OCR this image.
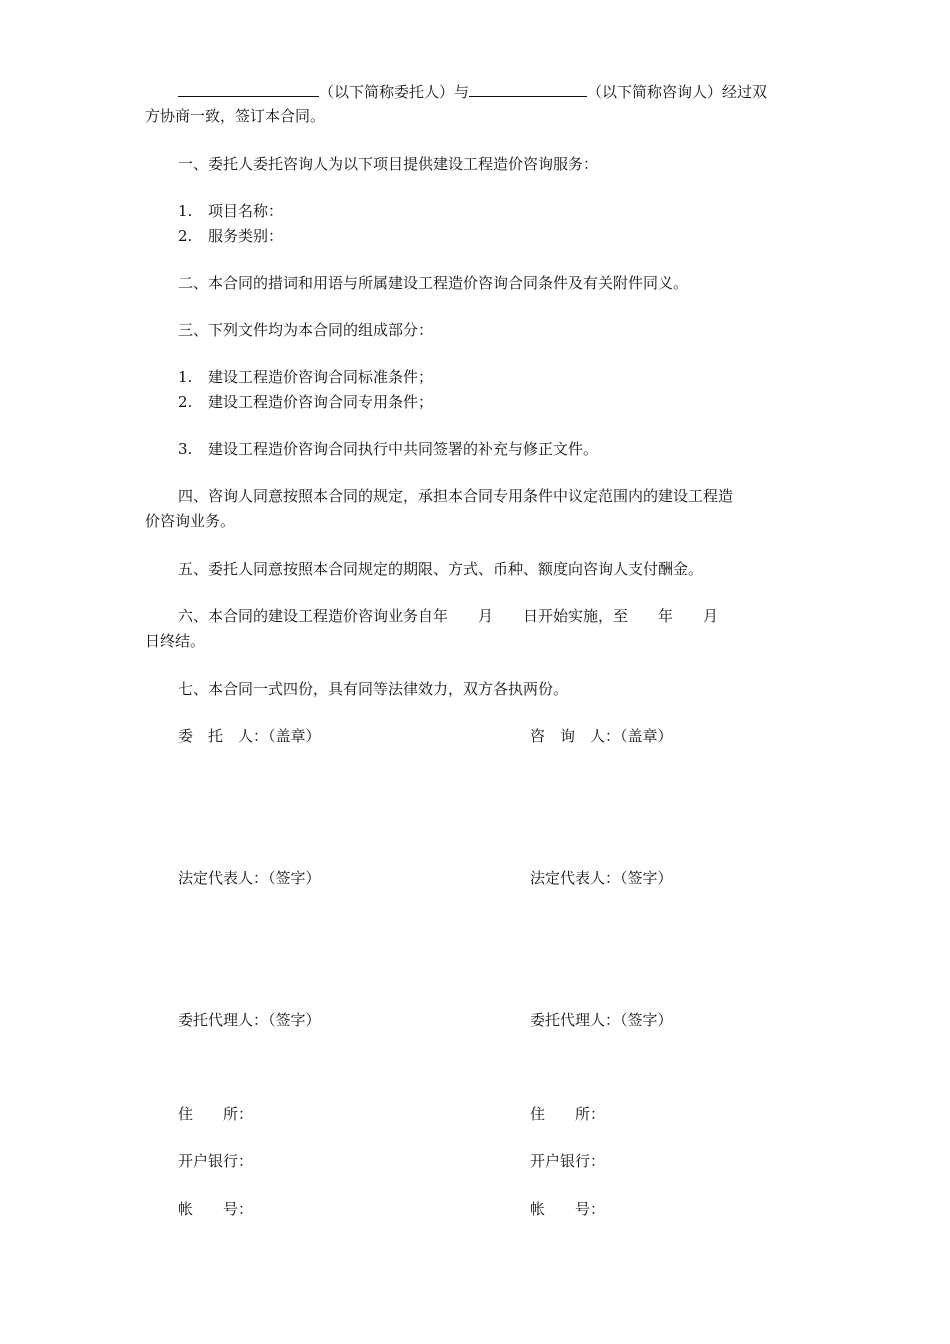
（以下简称委托人）与	（以下简称咨询人）经过双
方协商一致，签订本合同。
一、委托人委托咨询人为以下项目提供建设工程造价咨询服务：
1. 项目名称：
2. 服务类别：
二、本合同的措词和用语与所属建设工程造价咨询合同条件及有关附件同义。
三、下列文件均为本合同的组成部分：
1. 建设工程造价咨询合同标准条件；
2. 建设工程造价咨询合同专用条件；
3. 建设工程造价咨询合同执行中共同签署的补充与修正文件。
四、咨询人同意按照本合同的规定，承担本合同专用条件中议定范围内的建设工程造
价咨询业务。
五、委托人同意按照本合同规定的期限、方式、币种、额度向咨询人支付酬金。
六、本合同的建设工程造价咨询业务自年　　月　　日开始实施，至　　年　　月
日终结。
七、本合同一式四份，具有同等法律效力，双方各执两份。
委　托　人：（盖章）
法定代表人：（签字）
委托代理人：（签字）
住　　所：
开户银行：
帐　　号：
咨　询　人：（盖章）
法定代表人：（签字）
委托代理人：（签字）
住　　所：
开户银行：
帐　　号：
